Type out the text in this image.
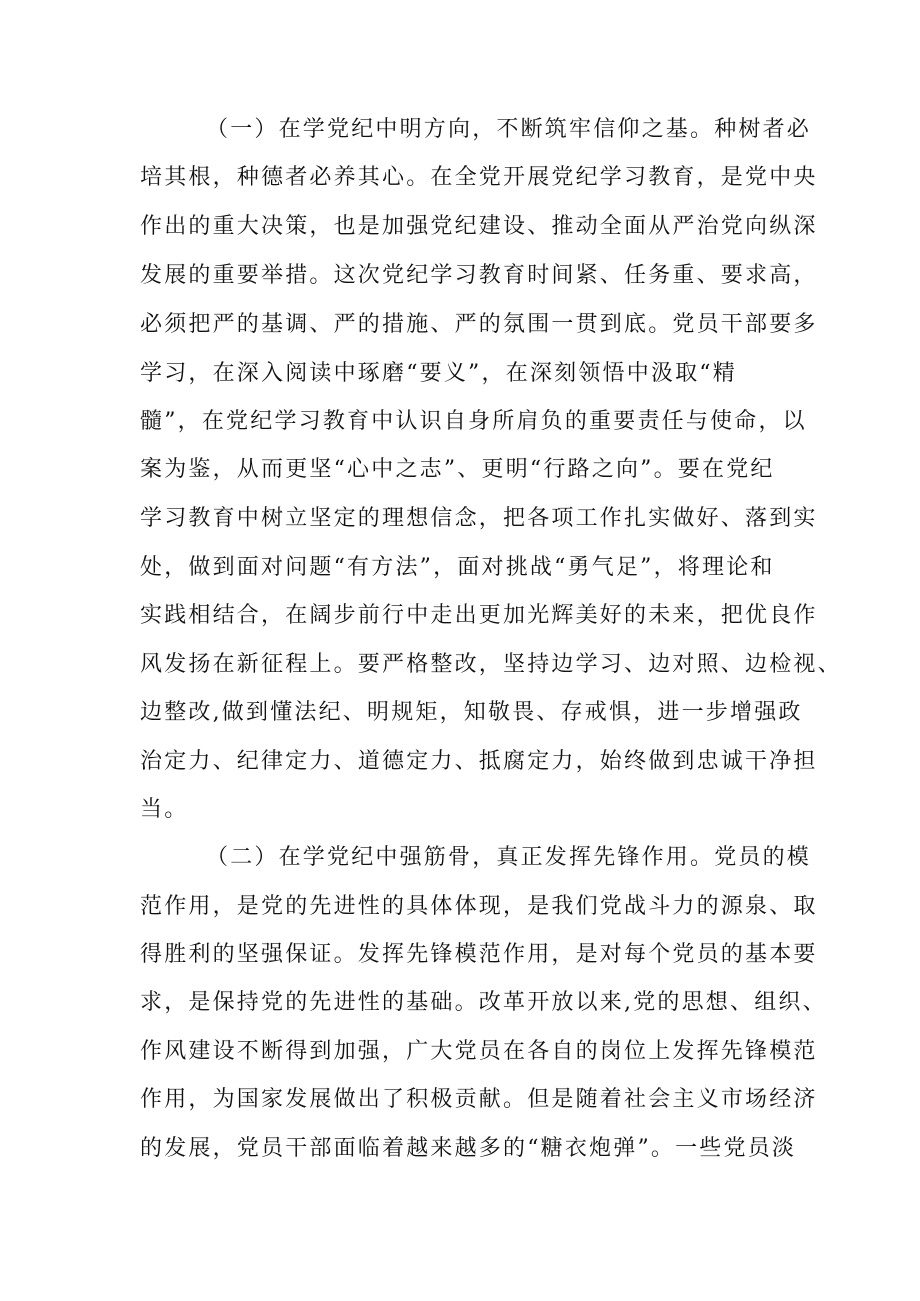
（一）在学党纪中明方向，不断筑牢信仰之基。种树者必
培其根，种德者必养其心。在全党开展党纪学习教育，是党中央
作出的重大决策，也是加强党纪建设、推动全面从严治党向纵深
发展的重要举措。这次党纪学习教育时间紧、任务重、要求高，
必须把严的基调、严的措施、严的氛围一贯到底。党员干部要多
学习，在深入阅读中琢磨“要义”，在深刻领悟中汲取“精
髓”，在党纪学习教育中认识自身所肩负的重要责任与使命，以
案为鉴，从而更坚“心中之志”、更明“行路之向”。要在党纪
学习教育中树立坚定的理想信念，把各项工作扎实做好、落到实
处，做到面对问题“有方法”，面对挑战“勇气足”，将理论和
实践相结合，在阔步前行中走出更加光辉美好的未来，把优良作
风发扬在新征程上。要严格整改，坚持边学习、边对照、边检视、
边整改,做到懂法纪、明规矩，知敬畏、存戒惧，进一步增强政
治定力、纪律定力、道德定力、抵腐定力，始终做到忠诚干净担
当。
（二）在学党纪中强筋骨，真正发挥先锋作用。党员的模
范作用，是党的先进性的具体体现，是我们党战斗力的源泉、取
得胜利的坚强保证。发挥先锋模范作用，是对每个党员的基本要
求，是保持党的先进性的基础。改革开放以来,党的思想、组织、
作风建设不断得到加强，广大党员在各自的岗位上发挥先锋模范
作用，为国家发展做出了积极贡献。但是随着社会主义市场经济
的发展，党员干部面临着越来越多的“糖衣炮弹”。一些党员淡
